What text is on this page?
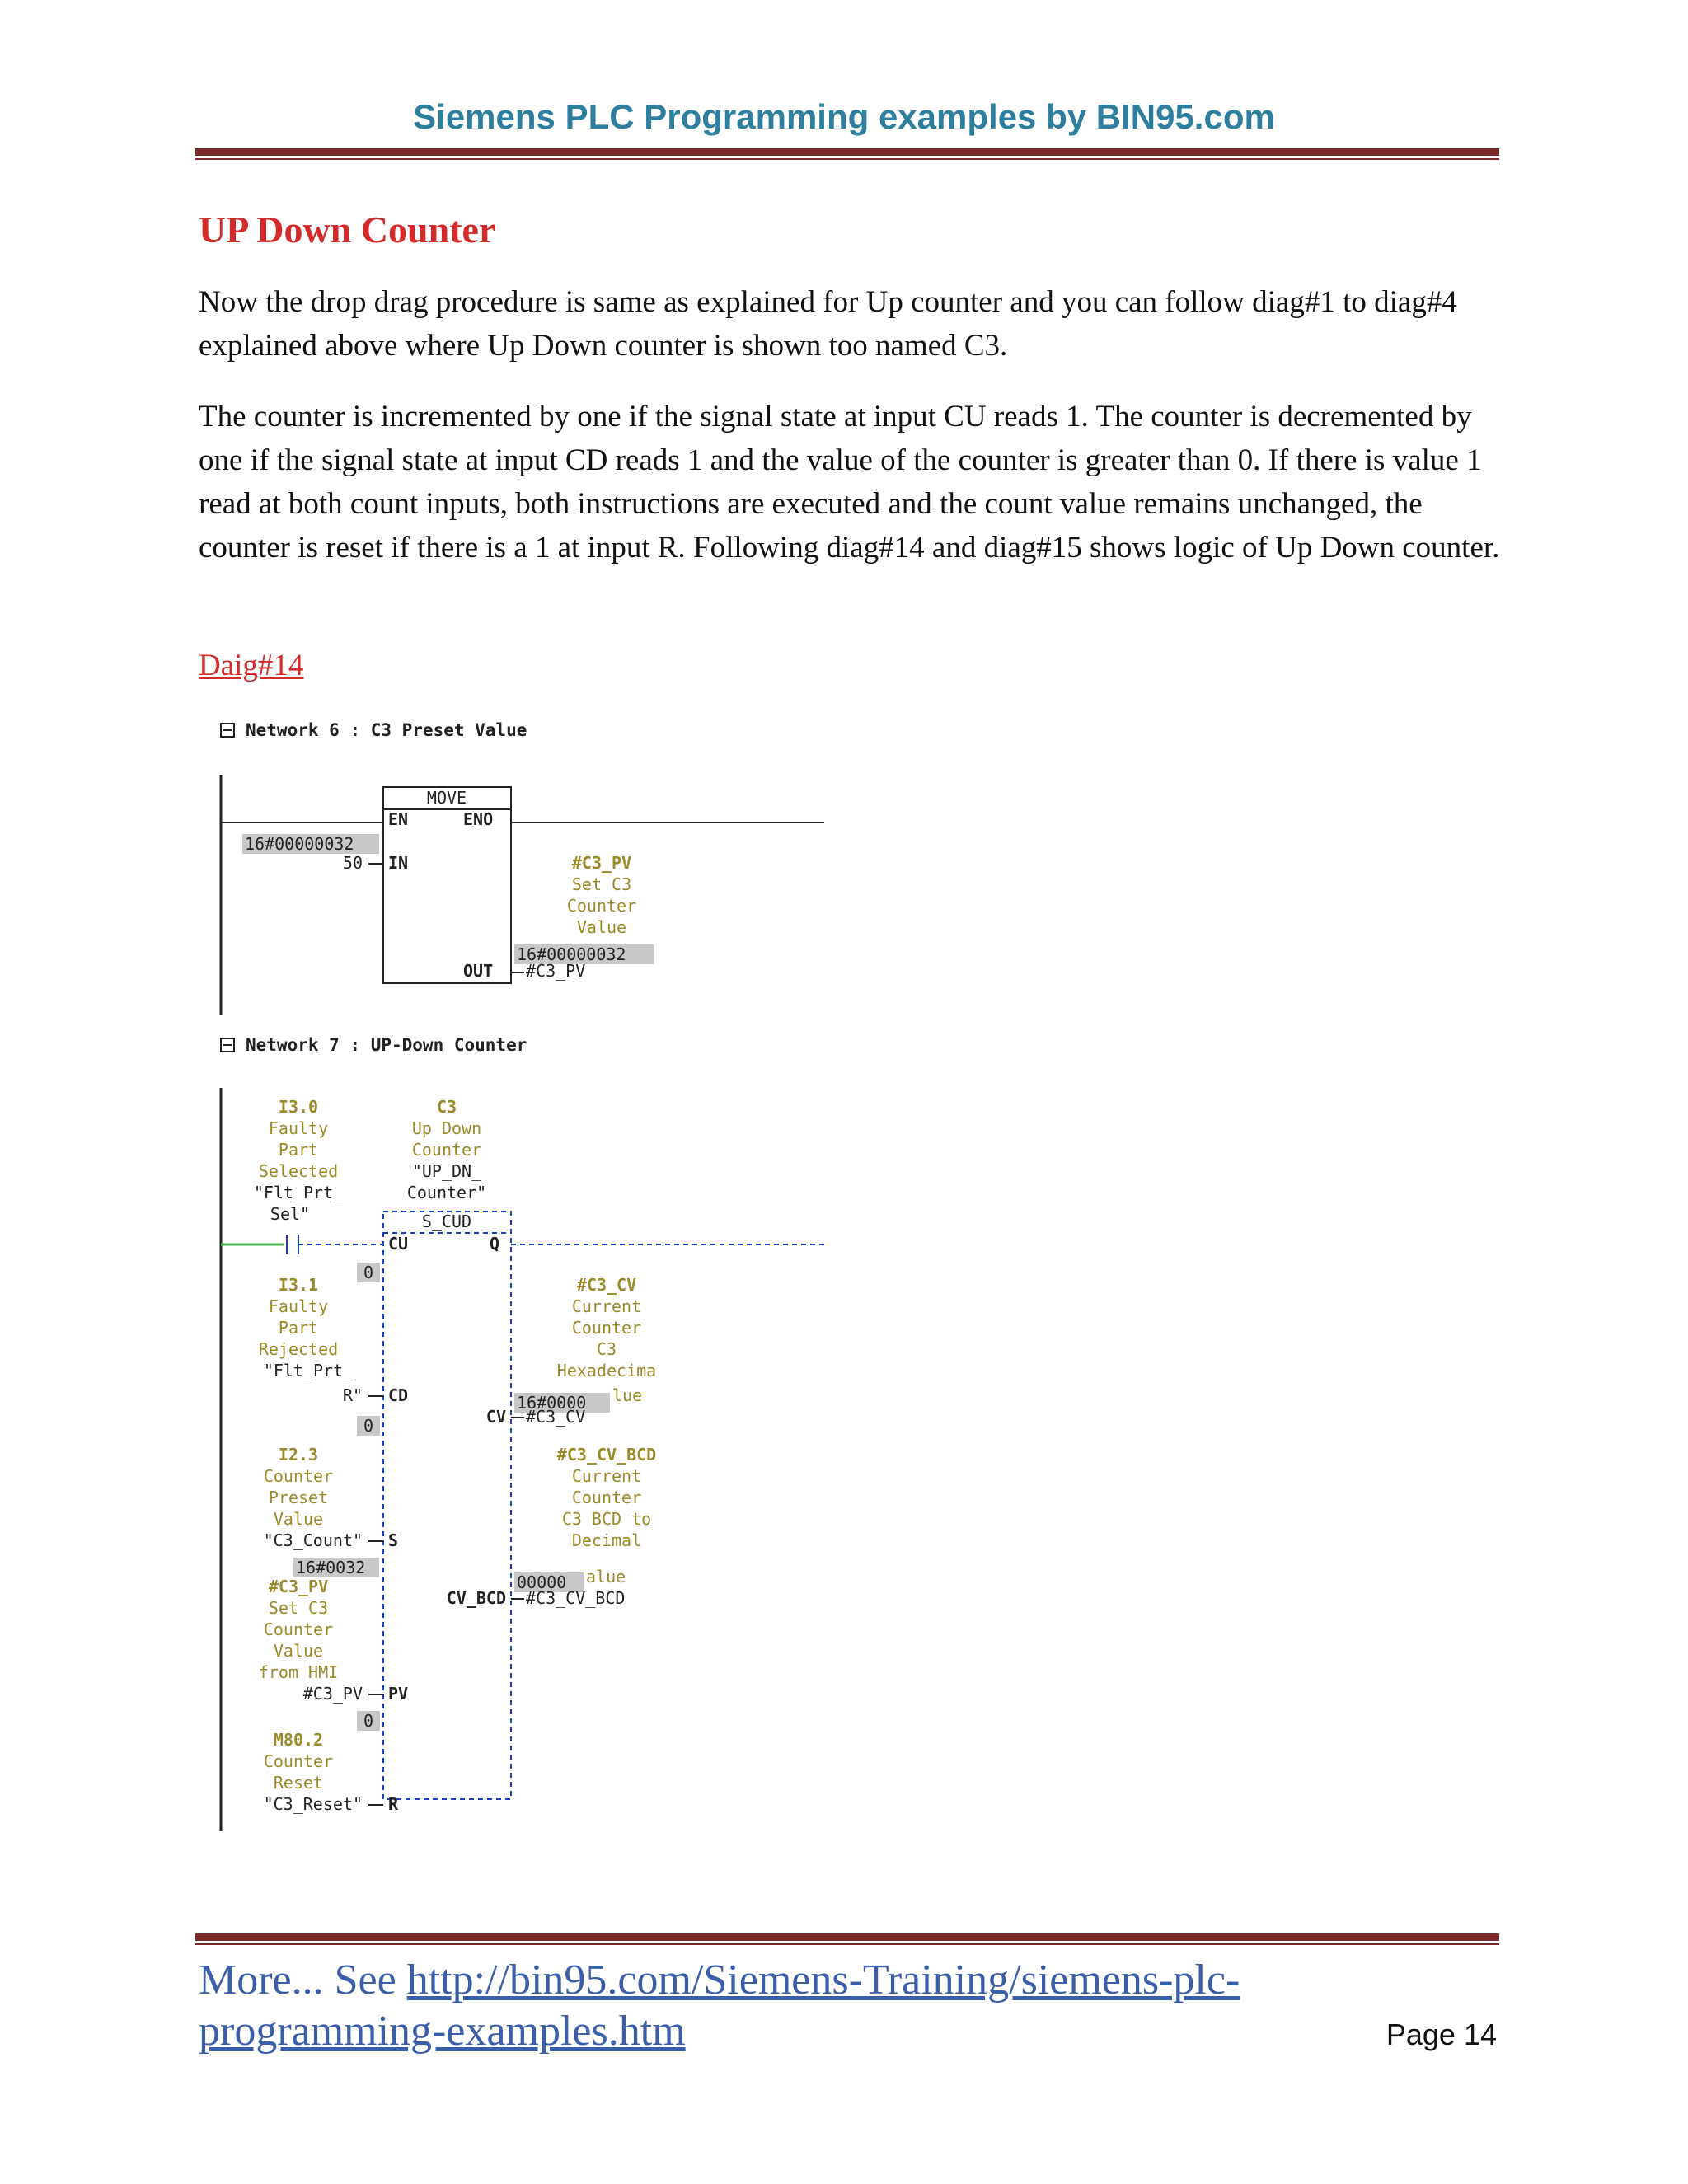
Siemens PLC Programming examples by BIN95.com
UP Down Counter
Now the drop drag procedure is same as explained for Up counter and you can follow diag#1 to diag#4 explained above where Up Down counter is shown too named C3.
The counter is incremented by one if the signal state at input CU reads 1. The counter is decremented by one if the signal state at input CD reads 1 and the value of the counter is greater than 0. If there is value 1 read at both count inputs, both instructions are executed and the count value remains unchanged, the counter is reset if there is a 1 at input R. Following diag#14 and diag#15 shows logic of Up Down counter.
Daig#14
Network 6 : C3 Preset Value
MOVE
EN	ENO
16#00000032
50 IN	#C3_PV
Set C3
Counter
Value
16#00000032
OUT #C3_PV
Network 7 : UP-Down Counter
C3
Up Down
Counter
"UP_DN_
Counter"
S_CUD
I3.0
Faulty
Part
Selected
"Flt_Prt_
Sel"
CU	Q
0
I3.1
Faulty
Part
Rejected
"Flt_Prt_
R" CD
0
#C3_CV
Current
Counter
C3
Hexadecima
16#0000 lue
CV #C3_CV
I2.3
Counter
Preset
Value
"C3_Count" S
16#0032
#C3_CV_BCD
Current
Counter
C3 BCD to
Decimal
00000 alue
CV_BCD #C3_CV_BCD
#C3_PV
Set C3
Counter
Value
from HMI
#C3_PV PV
0
M80.2
Counter
Reset
"C3_Reset" R
More... See http://bin95.com/Siemens-Training/siemens-plc-
programming-examples.htm	Page 14
